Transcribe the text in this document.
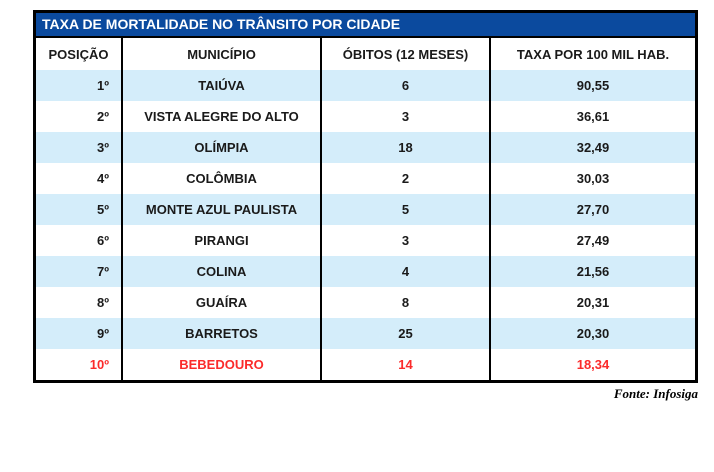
TAXA DE MORTALIDADE NO TRÂNSITO POR CIDADE
POSIÇÃO	MUNICÍPIO	ÓBITOS (12 MESES)	TAXA POR 100 MIL HAB.
1º	TAIÚVA	6	90,55
2º	VISTA ALEGRE DO ALTO	3	36,61
3º	OLÍMPIA	18	32,49
4º	COLÔMBIA	2	30,03
5º	MONTE AZUL PAULISTA	5	27,70
6º	PIRANGI	3	27,49
7º	COLINA	4	21,56
8º	GUAÍRA	8	20,31
9º	BARRETOS	25	20,30
10º	BEBEDOURO	14	18,34
Fonte: Infosiga
